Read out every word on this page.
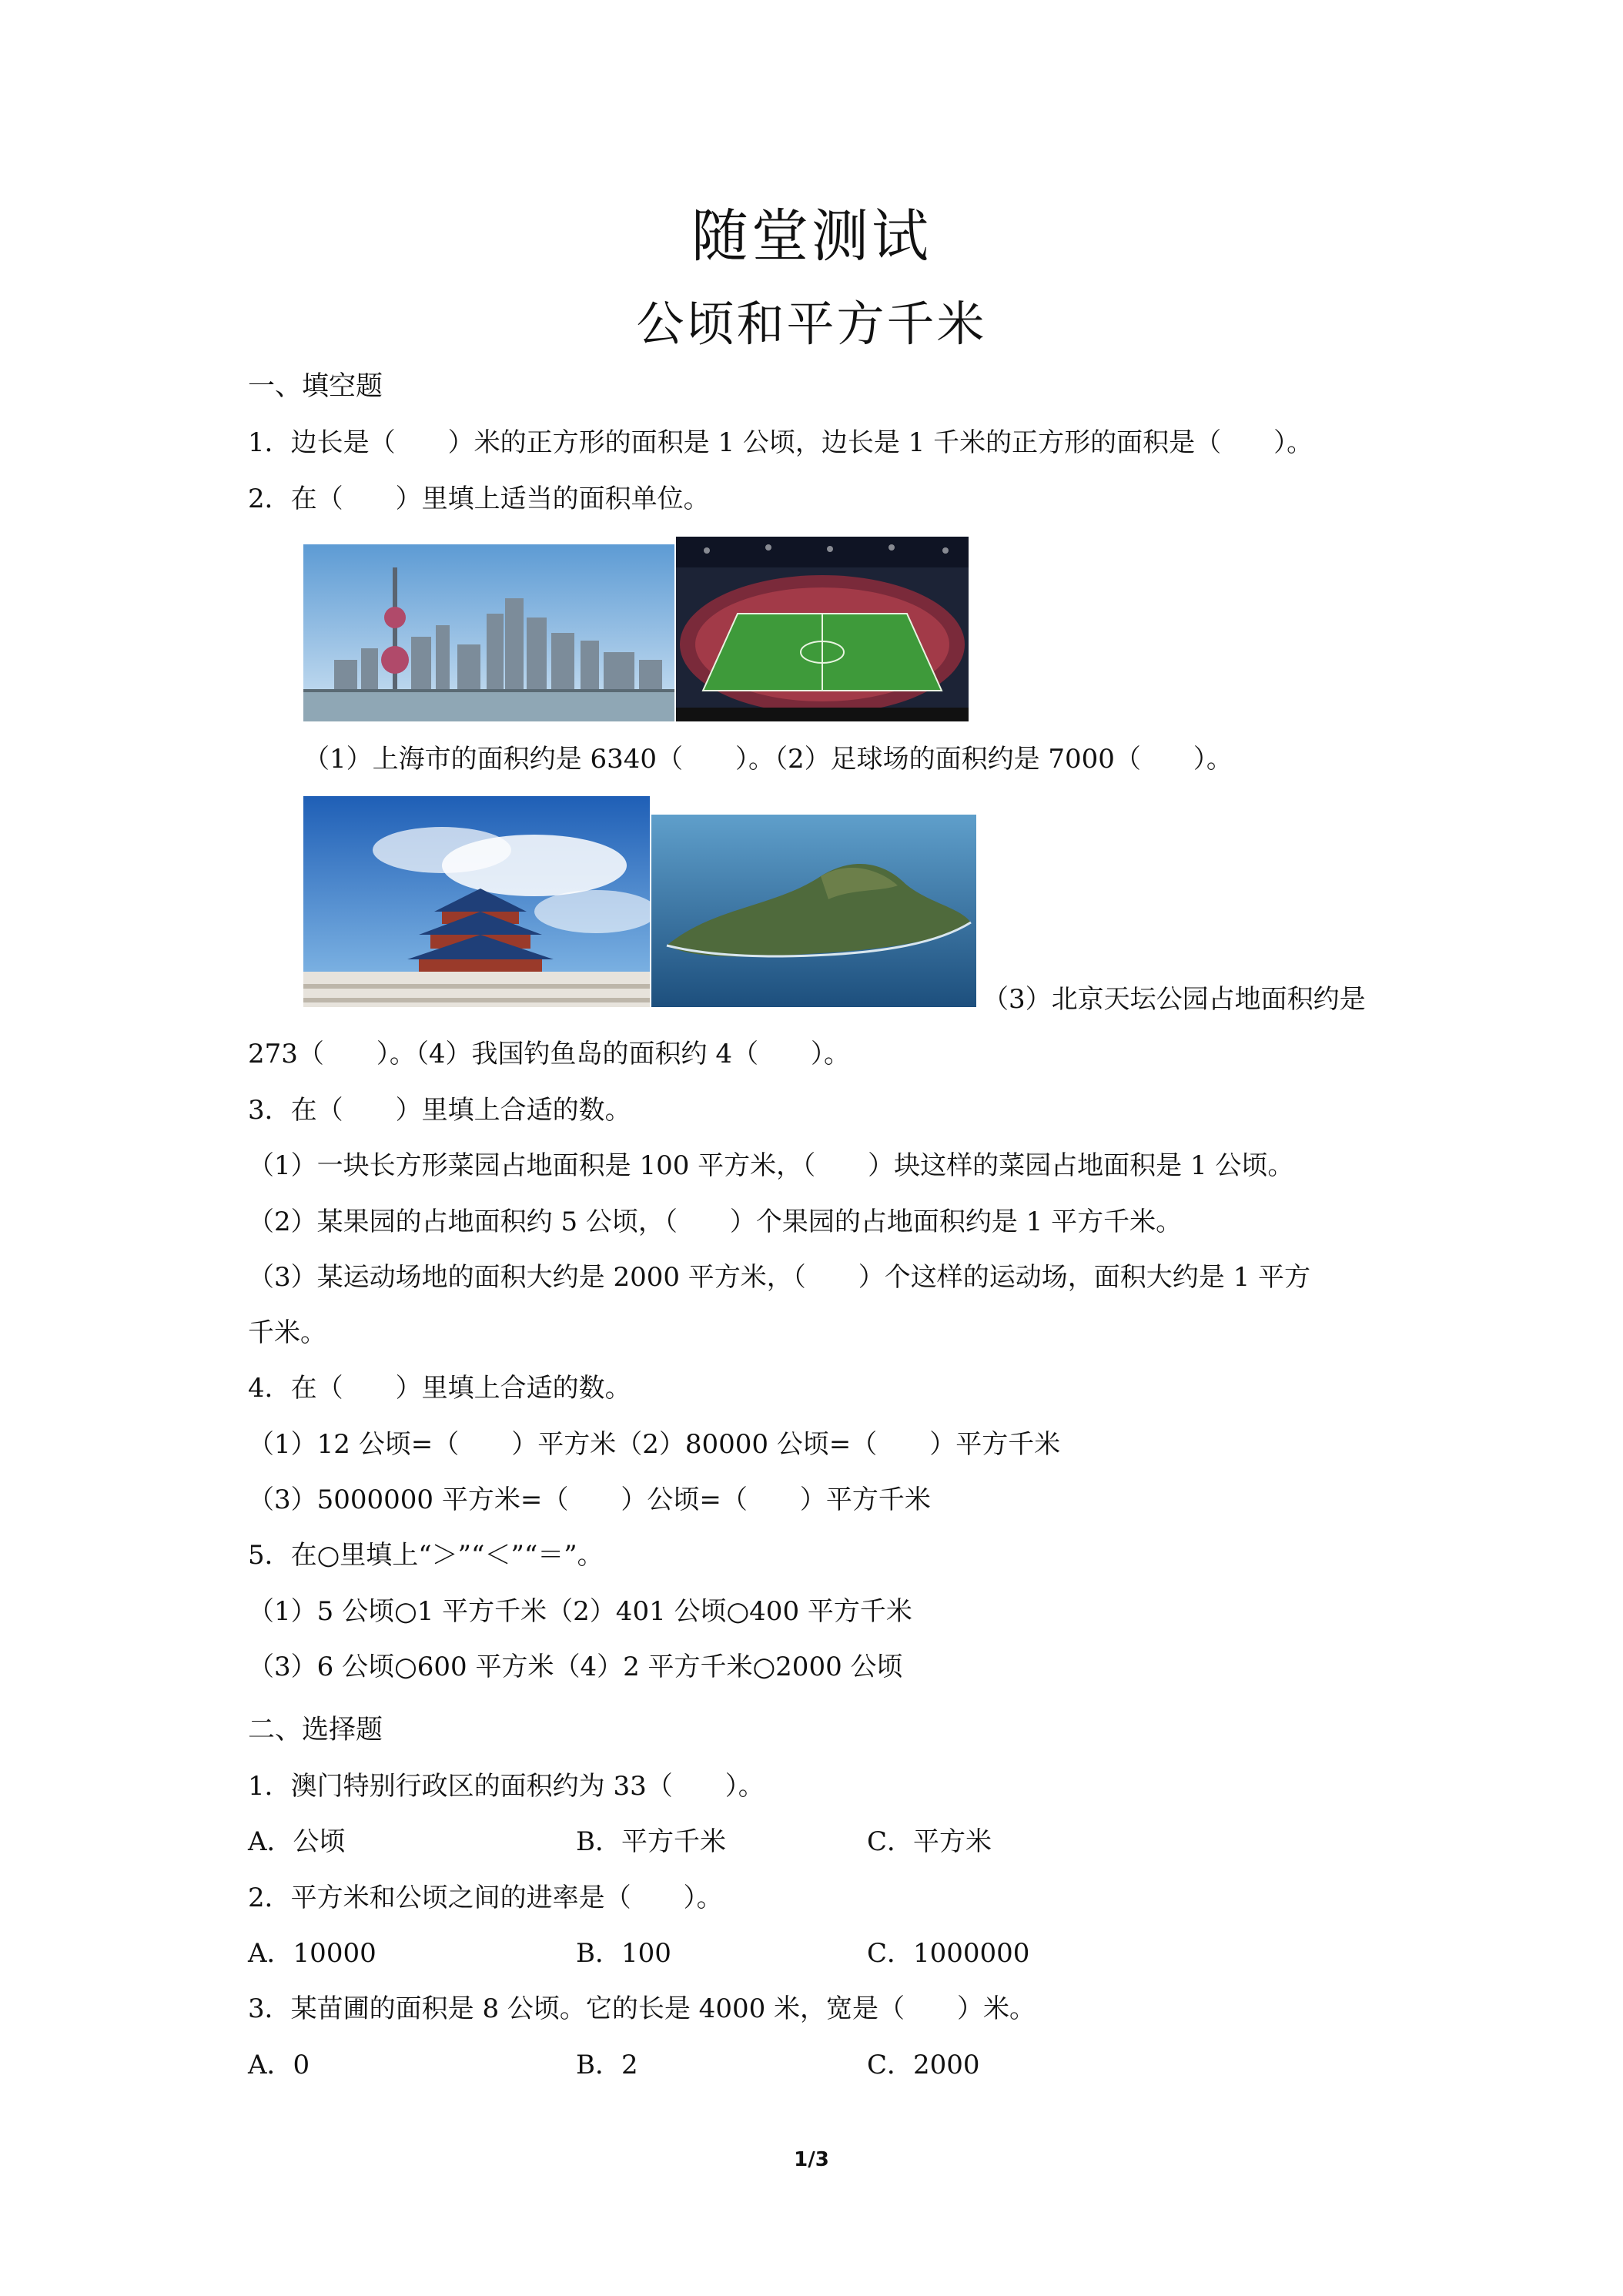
随堂测试
公顷和平方千米
一、填空题
1．边长是（　　）米的正方形的面积是 1 公顷，边长是 1 千米的正方形的面积是（　　）。
2．在（　　）里填上适当的面积单位。
（1）上海市的面积约是 6340（　　）。（2）足球场的面积约是 7000（　　）。
（3）北京天坛公园占地面积约是
273（　　）。（4）我国钓鱼岛的面积约 4（　　）。
3．在（　　）里填上合适的数。
（1）一块长方形菜园占地面积是 100 平方米，（　　）块这样的菜园占地面积是 1 公顷。
（2）某果园的占地面积约 5 公顷，（　　）个果园的占地面积约是 1 平方千米。
（3）某运动场地的面积大约是 2000 平方米，（　　）个这样的运动场，面积大约是 1 平方
千米。
4．在（　　）里填上合适的数。
（1）12 公顷=（　　）平方米（2）80000 公顷=（　　）平方千米
（3）5000000 平方米=（　　）公顷=（　　）平方千米
5．在○里填上“＞”“＜”“＝”。
（1）5 公顷○1 平方千米（2）401 公顷○400 平方千米
（3）6 公顷○600 平方米（4）2 平方千米○2000 公顷
二、选择题
1．澳门特别行政区的面积约为 33（　　）。
A．公顷	B．平方千米	C．平方米
2．平方米和公顷之间的进率是（　　）。
A．10000	B．100	C．1000000
3．某苗圃的面积是 8 公顷。它的长是 4000 米，宽是（　　）米。
A．0	B．2	C．2000
1/3
